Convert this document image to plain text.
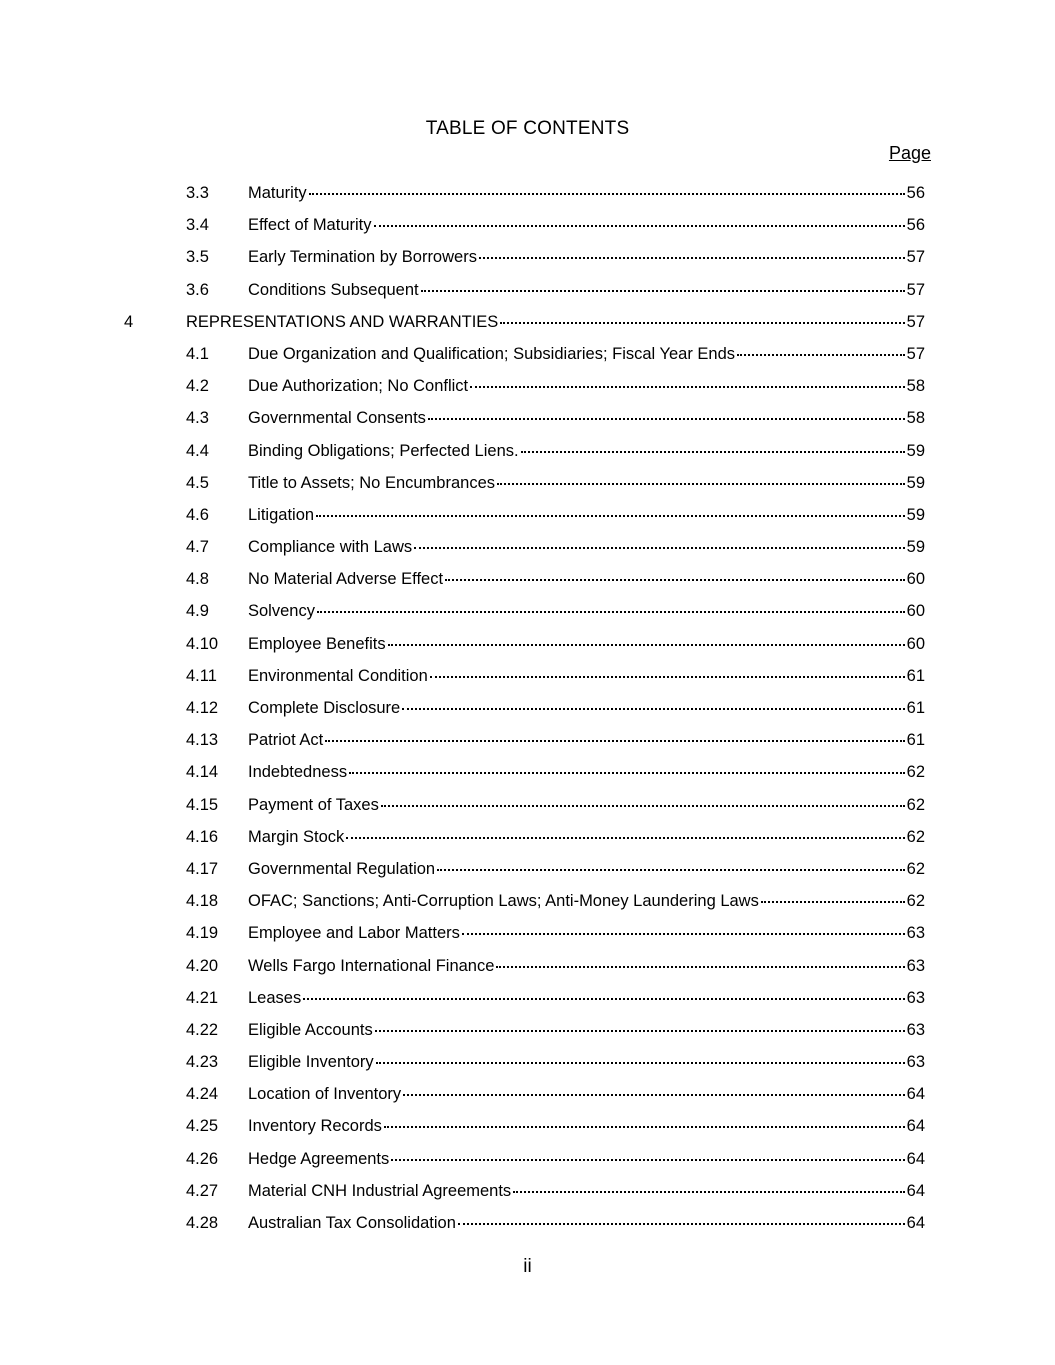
TABLE OF CONTENTS
Page
3.3 Maturity	56
3.4 Effect of Maturity	56
3.5 Early Termination by Borrowers	57
3.6 Conditions Subsequent	57
4	REPRESENTATIONS AND WARRANTIES	57
4.1 Due Organization and Qualification; Subsidiaries; Fiscal Year Ends	57
4.2 Due Authorization; No Conflict	58
4.3 Governmental Consents	58
4.4 Binding Obligations; Perfected Liens.	59
4.5 Title to Assets; No Encumbrances	59
4.6 Litigation	59
4.7 Compliance with Laws	59
4.8 No Material Adverse Effect	60
4.9 Solvency	60
4.10 Employee Benefits	60
4.11 Environmental Condition	61
4.12 Complete Disclosure	61
4.13 Patriot Act	61
4.14 Indebtedness	62
4.15 Payment of Taxes	62
4.16 Margin Stock	62
4.17 Governmental Regulation	62
4.18 OFAC; Sanctions; Anti-Corruption Laws; Anti-Money Laundering Laws	62
4.19 Employee and Labor Matters	63
4.20 Wells Fargo International Finance	63
4.21 Leases	63
4.22 Eligible Accounts	63
4.23 Eligible Inventory	63
4.24 Location of Inventory	64
4.25 Inventory Records	64
4.26 Hedge Agreements	64
4.27 Material CNH Industrial Agreements	64
4.28 Australian Tax Consolidation	64
ii
